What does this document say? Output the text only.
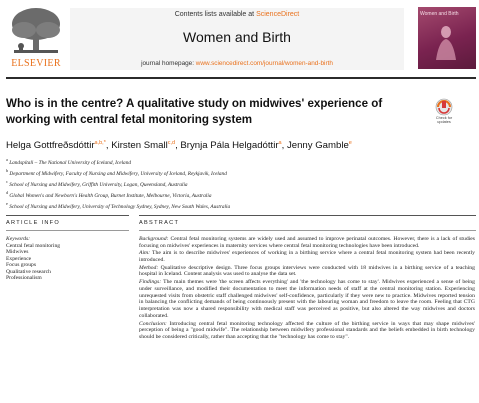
ELSEVIER
Contents lists available at ScienceDirect
Women and Birth
journal homepage: www.sciencedirect.com/journal/women-and-birth
Women and Birth
Who is in the centre? A qualitative study on midwives' experience of working with central fetal monitoring system	Check for
updates
Helga Gottfreðsdóttir$^{a,b,*}$, Kirsten Small$^{c,d}$, Brynja Pála Helgadóttir$^a$, Jenny Gamble$^e$
$^a$ Landspítali – The National University of Iceland, Iceland
$^b$ Department of Midwifery, Faculty of Nursing and Midwifery, University of Iceland, Reykjavik, Iceland
$^c$ School of Nursing and Midwifery, Griffith University, Logan, Queensland, Australia
$^d$ Global Women's and Newborn's Health Group, Burnet Institute, Melbourne, Victoria, Australia
$^e$ School of Nursing and Midwifery, University of Technology Sydney, Sydney, New South Wales, Australia
ARTICLE INFO	ABSTRACT
Keywords:
Central fetal monitoring
Midwives
Experience
Focus groups
Qualitative research
Professionalism

Background: Central fetal monitoring systems are widely used and assumed to improve perinatal outcomes. However, there is a lack of studies focusing on midwives' experiences in maternity services where central fetal monitoring technologies have been introduced.

Aim: The aim is to describe midwives' experiences of working in a birthing service where a central fetal monitoring system had been recently introduced.

Method: Qualitative descriptive design. Three focus groups interviews were conducted with 18 midwives in a birthing service of a teaching hospital in Iceland. Content analysis was used to analyse the data set.

Findings: The main themes were 'the screen affects everything' and 'the technology has come to stay'. Midwives experienced a sense of being under surveillance, and modified their documentation to meet the information needs of staff at the central monitoring station. Experiencing unrequested visits from obstetric staff challenged midwives' self-confidence, particularly if they were new to practice. Midwives reported tension in balancing the conflicting demands of being continuously present with the labouring woman and freedom to leave the room. Feeling that CTG interpretation was now a shared responsibility with medical staff was perceived as positive, but also altered the way midwives and doctors collaborated.

Conclusion: Introducing central fetal monitoring technology affected the culture of the birthing service in ways that may shape midwives' perception of being a "good midwife". The relationship between midwifery professional standards and the beliefs embedded in birth technology should be considered critically, rather than accepting that the "technology has come to stay".
